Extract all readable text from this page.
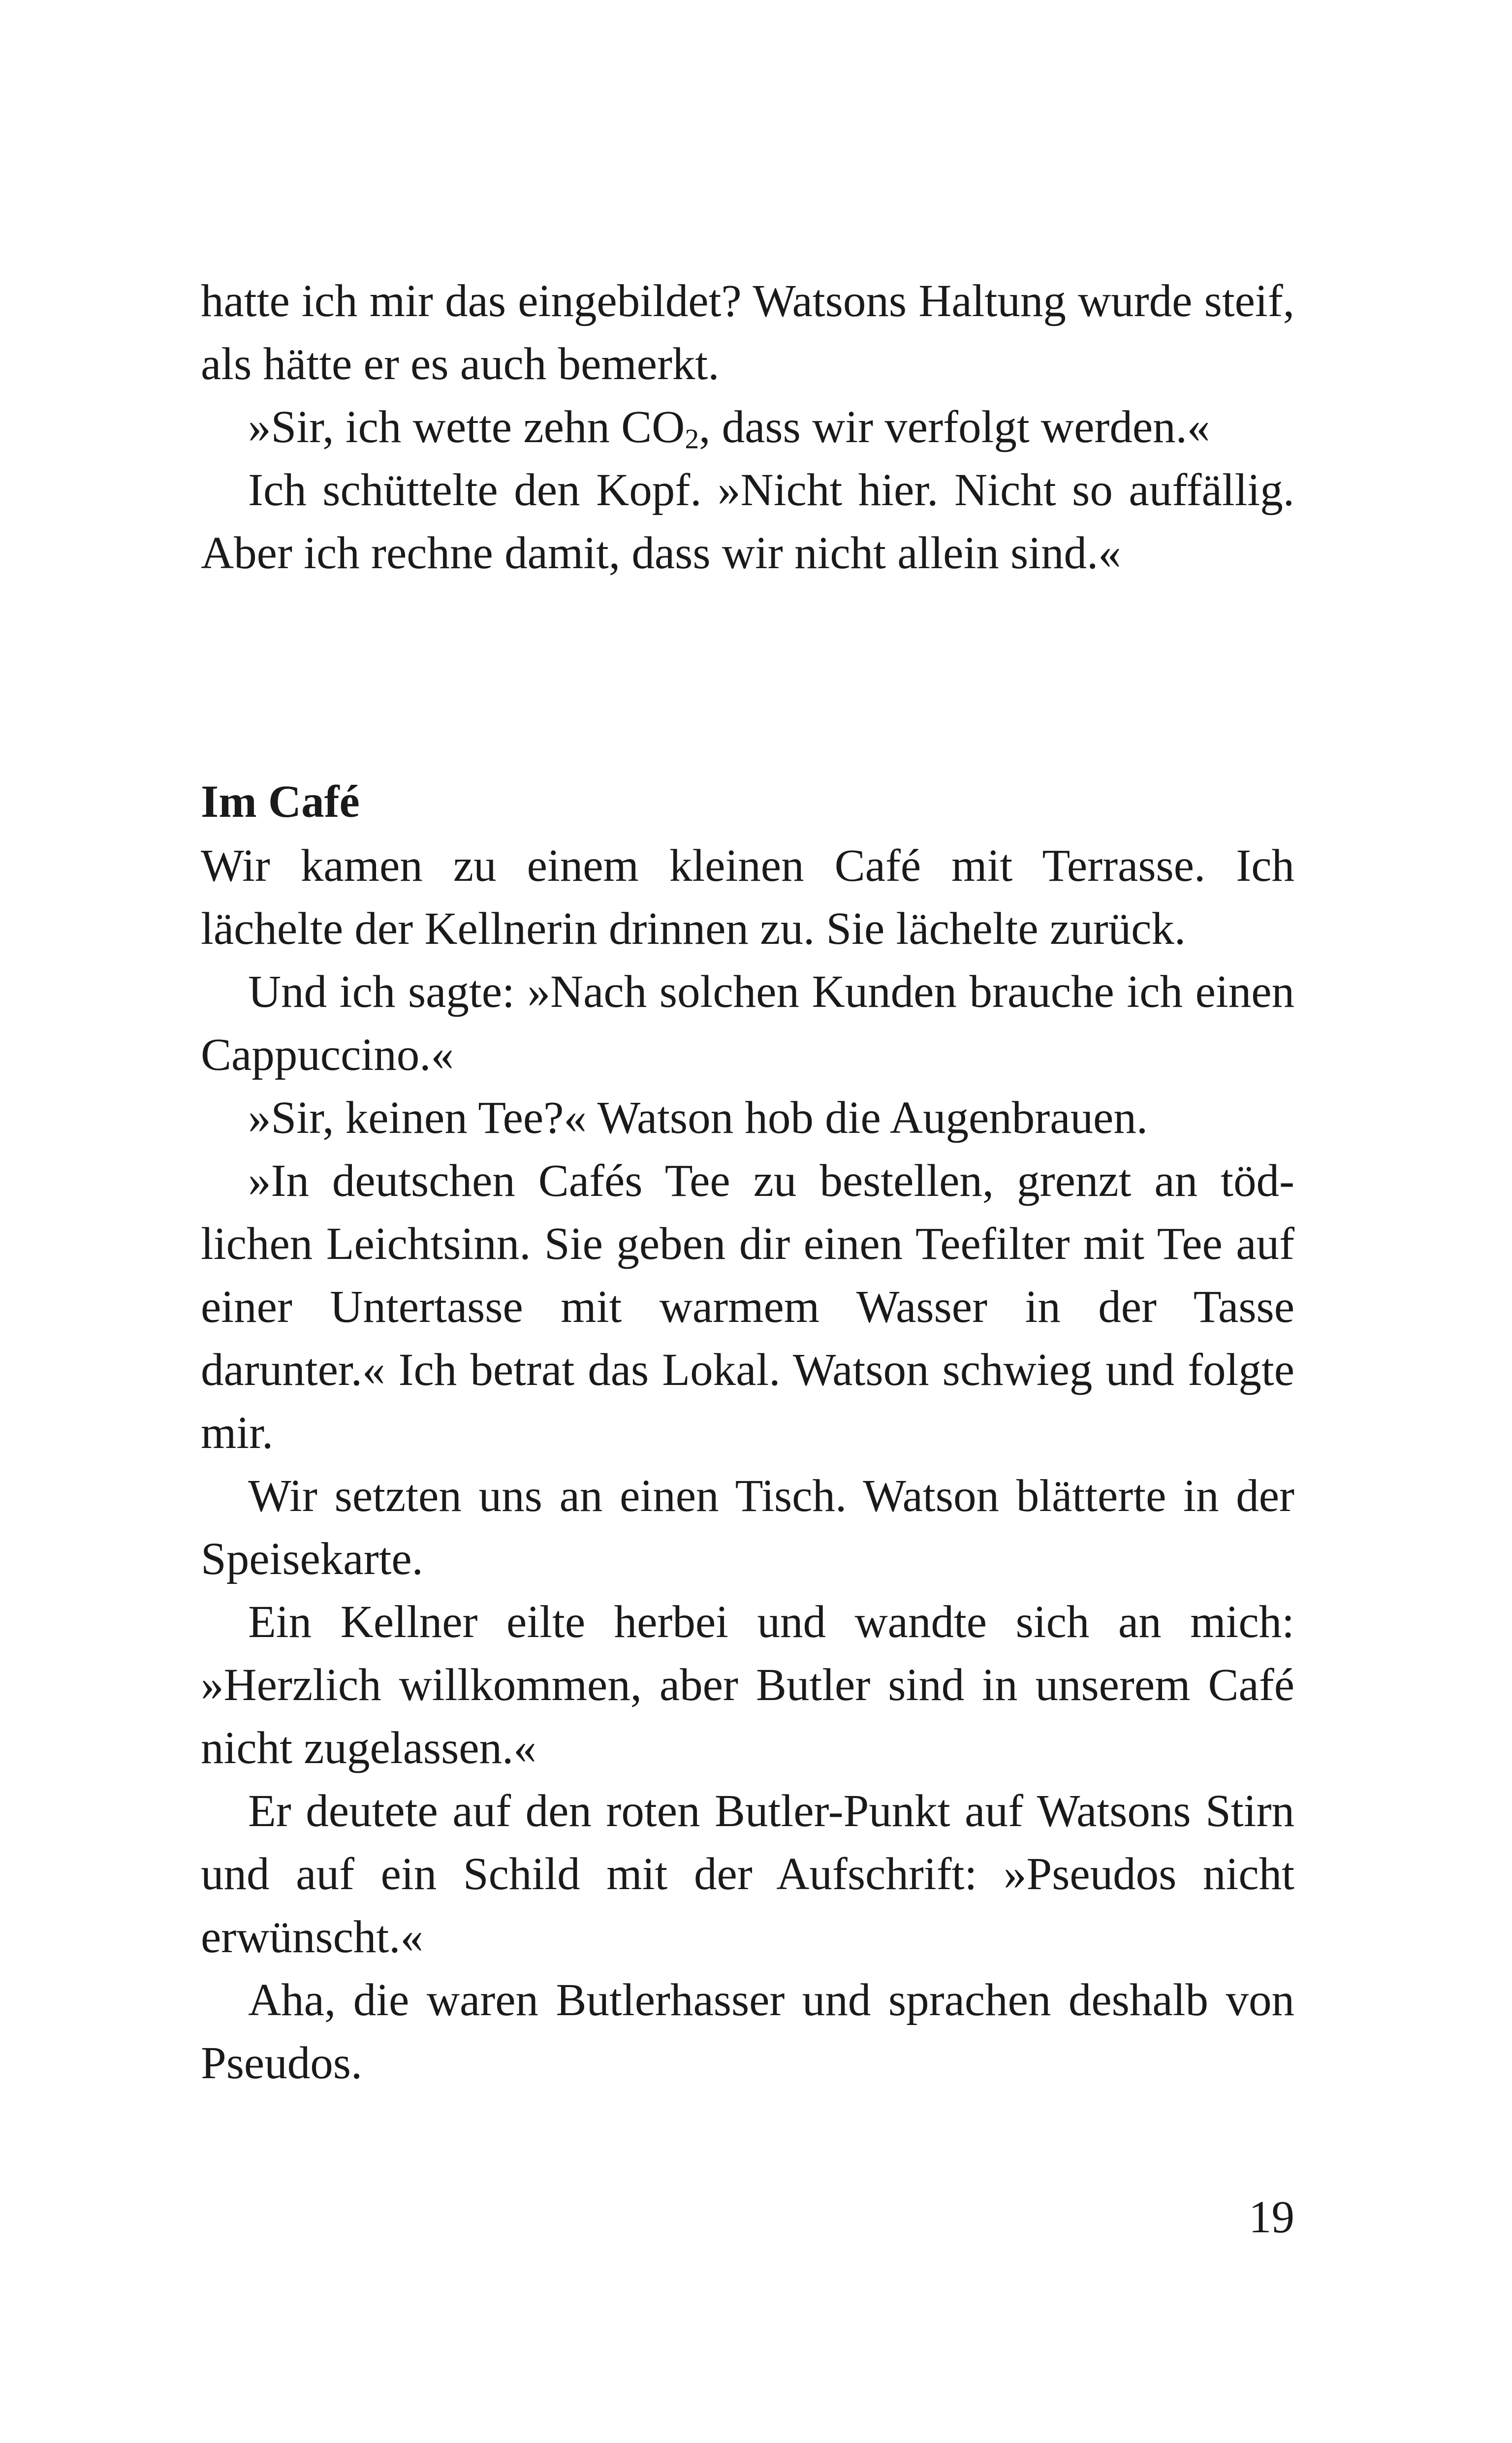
hatte ich mir das eingebildet? Watsons Haltung wurde steif, als hätte er es auch bemerkt.

»Sir, ich wette zehn $CO_2$, dass wir verfolgt werden.«

Ich schüttelte den Kopf. »Nicht hier. Nicht so auffällig. Aber ich rechne damit, dass wir nicht allein sind.«

Im Café

Wir kamen zu einem kleinen Café mit Terrasse. Ich lächelte der Kellnerin drinnen zu. Sie lächelte zurück.

Und ich sagte: »Nach solchen Kunden brauche ich einen Cappuccino.«

»Sir, keinen Tee?« Watson hob die Augenbrauen.

»In deutschen Cafés Tee zu bestellen, grenzt an tödlichen Leichtsinn. Sie geben dir einen Teefilter mit Tee auf einer Untertasse mit warmem Wasser in der Tasse darunter.« Ich betrat das Lokal. Watson schwieg und folgte mir.

Wir setzten uns an einen Tisch. Watson blätterte in der Speisekarte.

Ein Kellner eilte herbei und wandte sich an mich: »Herzlich willkommen, aber Butler sind in unserem Café nicht zugelassen.«

Er deutete auf den roten Butler-Punkt auf Watsons Stirn und auf ein Schild mit der Aufschrift: »Pseudos nicht erwünscht.«

Aha, die waren Butlerhasser und sprachen deshalb von Pseudos.

19
